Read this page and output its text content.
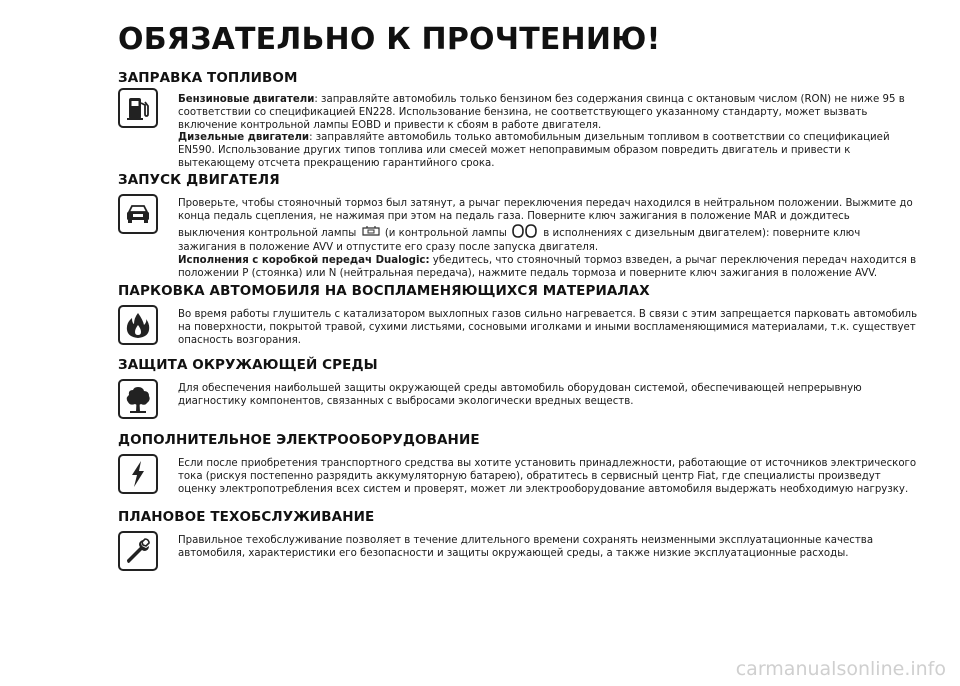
ОБЯЗАТЕЛЬНО К ПРОЧТЕНИЮ!
ЗАПРАВКА ТОПЛИВОМ

Бензиновые двигатели: заправляйте автомобиль только бензином без содержания свинца с октановым числом (RON) не ниже 95 в соответствии со спецификацией EN228. Использование бензина, не соответствующего указанному стандарту, может вызвать включение контрольной лампы EOBD и привести к сбоям в работе двигателя.

Дизельные двигатели: заправляйте автомобиль только автомобильным дизельным топливом в соответствии со спецификацией EN590. Использование других типов топлива или смесей может непоправимым образом повредить двигатель и привести к вытекающему отсчета прекращению гарантийного срока.

ЗАПУСК ДВИГАТЕЛЯ

Проверьте, чтобы стояночный тормоз был затянут, а рычаг переключения передач находился в нейтральном положении. Выжмите до конца педаль сцепления, не нажимая при этом на педаль газа. Поверните ключ зажигания в положение MAR и дождитесь выключения контрольной лампы	(и контрольной лампы	в исполнениях с дизельным двигателем): поверните ключ зажигания в положение AVV и отпустите его сразу после запуска двигателя.

Исполнения с коробкой передач Dualogic: убедитесь, что стояночный тормоз взведен, а рычаг переключения передач находится в положении P (стоянка) или N (нейтральная передача), нажмите педаль тормоза и поверните ключ зажигания в положение AVV.

ПАРКОВКА АВТОМОБИЛЯ НА ВОСПЛАМЕНЯЮЩИХСЯ МАТЕРИАЛАХ

Во время работы глушитель с катализатором выхлопных газов сильно нагревается. В связи с этим запрещается парковать автомобиль на поверхности, покрытой травой, сухими листьями, сосновыми иголками и иными воспламеняющимися материалами, т.к. существует опасность возгорания.

ЗАЩИТА ОКРУЖАЮЩЕЙ СРЕДЫ

Для обеспечения наибольшей защиты окружающей среды автомобиль оборудован системой, обеспечивающей непрерывную диагностику компонентов, связанных с выбросами экологически вредных веществ.

ДОПОЛНИТЕЛЬНОЕ ЭЛЕКТРООБОРУДОВАНИЕ

Если после приобретения транспортного средства вы хотите установить принадлежности, работающие от источников электрического тока (рискуя постепенно разрядить аккумуляторную батарею), обратитесь в сервисный центр Fiat, где специалисты произведут оценку электропотребления всех систем и проверят, может ли электрооборудование автомобиля выдержать необходимую нагрузку.

ПЛАНОВОЕ ТЕХОБСЛУЖИВАНИЕ

Правильное техобслуживание позволяет в течение длительного времени сохранять неизменными эксплуатационные качества автомобиля, характеристики его безопасности и защиты окружающей среды, а также низкие эксплуатационные расходы.

carmanualsonline.info
